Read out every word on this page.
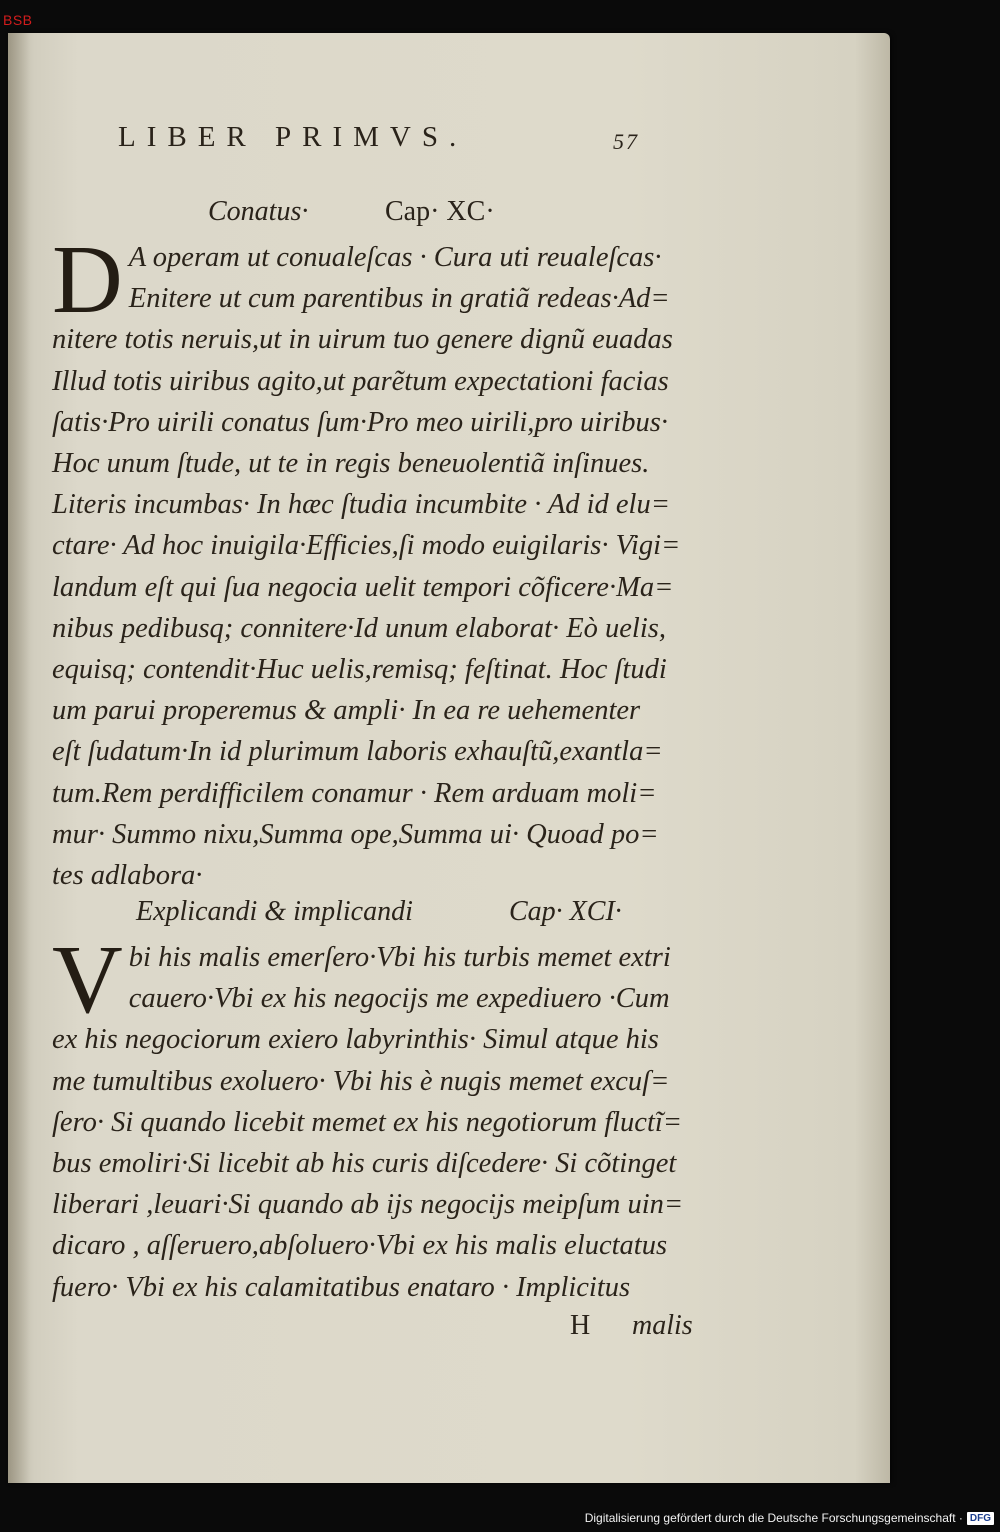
BSB
LIBER PRIMVS.	57
Conatus·	Cap· XC·
D A operam ut conualeſcas · Cura uti reualeſcas·
Enitere ut cum parentibus in gratiã redeas·Ad=
nitere totis neruis,ut in uirum tuo genere dignũ euadas
Illud totis uiribus agito,ut parẽtum expectationi facias
ſatis·Pro uirili conatus ſum·Pro meo uirili,pro uiribus·
Hoc unum ſtude, ut te in regis beneuolentiã inſinues.
Literis incumbas· In hæc ſtudia incumbite · Ad id elu=
ctare· Ad hoc inuigila·Efficies,ſi modo euigilaris· Vigi=
landum eſt qui ſua negocia uelit tempori cõficere·Ma=
nibus pedibusq; connitere·Id unum elaborat· Eò uelis,
equisq; contendit·Huc uelis,remisq; feſtinat. Hoc ſtudi
um parui properemus & ampli· In ea re uehementer
eſt ſudatum·In id plurimum laboris exhauſtũ,exantla=
tum.Rem perdifficilem conamur · Rem arduam moli=
mur· Summo nixu,Summa ope,Summa ui· Quoad po=
tes adlabora·
Explicandi & implicandi	Cap· XCI·
V bi his malis emerſero·Vbi his turbis memet extri
cauero·Vbi ex his negocijs me expediuero ·Cum
ex his negociorum exiero labyrinthis· Simul atque his
me tumultibus exoluero· Vbi his è nugis memet excuſ=
ſero· Si quando licebit memet ex his negotiorum fluctĩ=
bus emoliri·Si licebit ab his curis diſcedere· Si cõtinget
liberari ,leuari·Si quando ab ijs negocijs meipſum uin=
dicaro , aſſeruero,abſoluero·Vbi ex his malis eluctatus
fuero· Vbi ex his calamitatibus enataro · Implicitus
H malis
Digitalisierung gefördert durch die Deutsche Forschungsgemeinschaft · DFG
